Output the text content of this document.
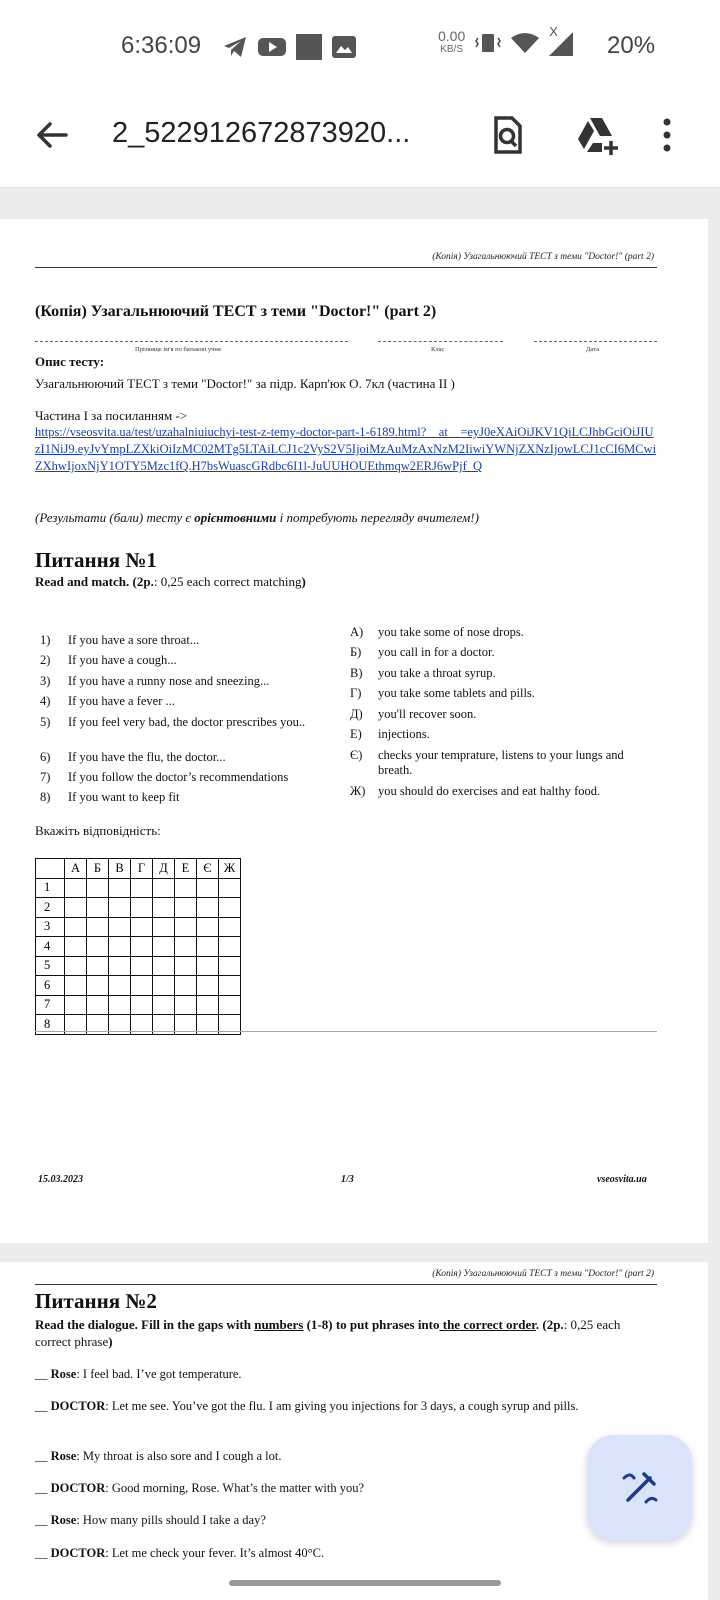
6:36:09	0.00
KB/S
X
20%
2_522912672873920...
(Копія) Узагальнюючий ТЕСТ з теми "Doctor!" (part 2)
(Копія) Узагальнюючий ТЕСТ з теми "Doctor!" (part 2)
Прізвище ім'я по батькові учня	Клас	Дата
Опис тесту:
Узагальнюючий ТЕСТ з теми "Doctor!" за підр. Карп'юк О. 7кл (частина II )
Частина I за посиланням ->
https://vseosvita.ua/test/uzahalniuiuchyi-test-z-temy-doctor-part-1-6189.html?__at__=eyJ0eXAiOiJKV1QiLCJhbGciOiJIUzI1NiJ9.eyJvYmpLZXkiOiIzMC02MTg5LTAiLCJ1c2VyS2V5IjoiMzAuMzAxNzM2IiwiYWNjZXNzIjowLCJ1cCI6MCwiZXhwIjoxNjY1OTY5Mzc1fQ.H7bsWuascGRdbc6I1l-JuUUHOUEthmqw2ERJ6wPjf_Q
(Результати (бали) тесту є орієнтовними і потребують перегляду вчителем!)
Питання №1
Read and match. (2р.: 0,25 each correct matching)
1)	If you have a sore throat...
2)	If you have a cough...
3)	If you have a runny nose and sneezing...
4)	If you have a fever ...
5)	If you feel very bad, the doctor prescribes you..
6)	If you have the flu, the doctor...
7)	If you follow the doctor’s recommendations
8)	If you want to keep fit
А)	you take some of nose drops.
Б)	you call in for a doctor.
В)	you take a throat syrup.
Г)	you take some tablets and pills.
Д)	you'll recover soon.
Е)	injections.
Є)	checks your temprature, listens to your lungs and breath.
Ж)	you should do exercises and eat halthy food.
Вкажіть відповідність:
	А	Б	В	Г	Д	Е	Є	Ж
1								
2								
3								
4								
5								
6								
7								
8								
15.03.2023	1/3	vseosvita.ua
(Копія) Узагальнюючий ТЕСТ з теми "Doctor!" (part 2)
Питання №2
Read the dialogue. Fill in the gaps with numbers (1-8) to put phrases into the correct order. (2р.: 0,25 each correct phrase)
__ Rose: I feel bad. I’ve got temperature.
__ DOCTOR: Let me see. You’ve got the flu. I am giving you injections for 3 days, a cough syrup and pills.
__ Rose: My throat is also sore and I cough a lot.
__ DOCTOR: Good morning, Rose. What’s the matter with you?
__ Rose: How many pills should I take a day?
__ DOCTOR: Let me check your fever. It’s almost 40°C.
